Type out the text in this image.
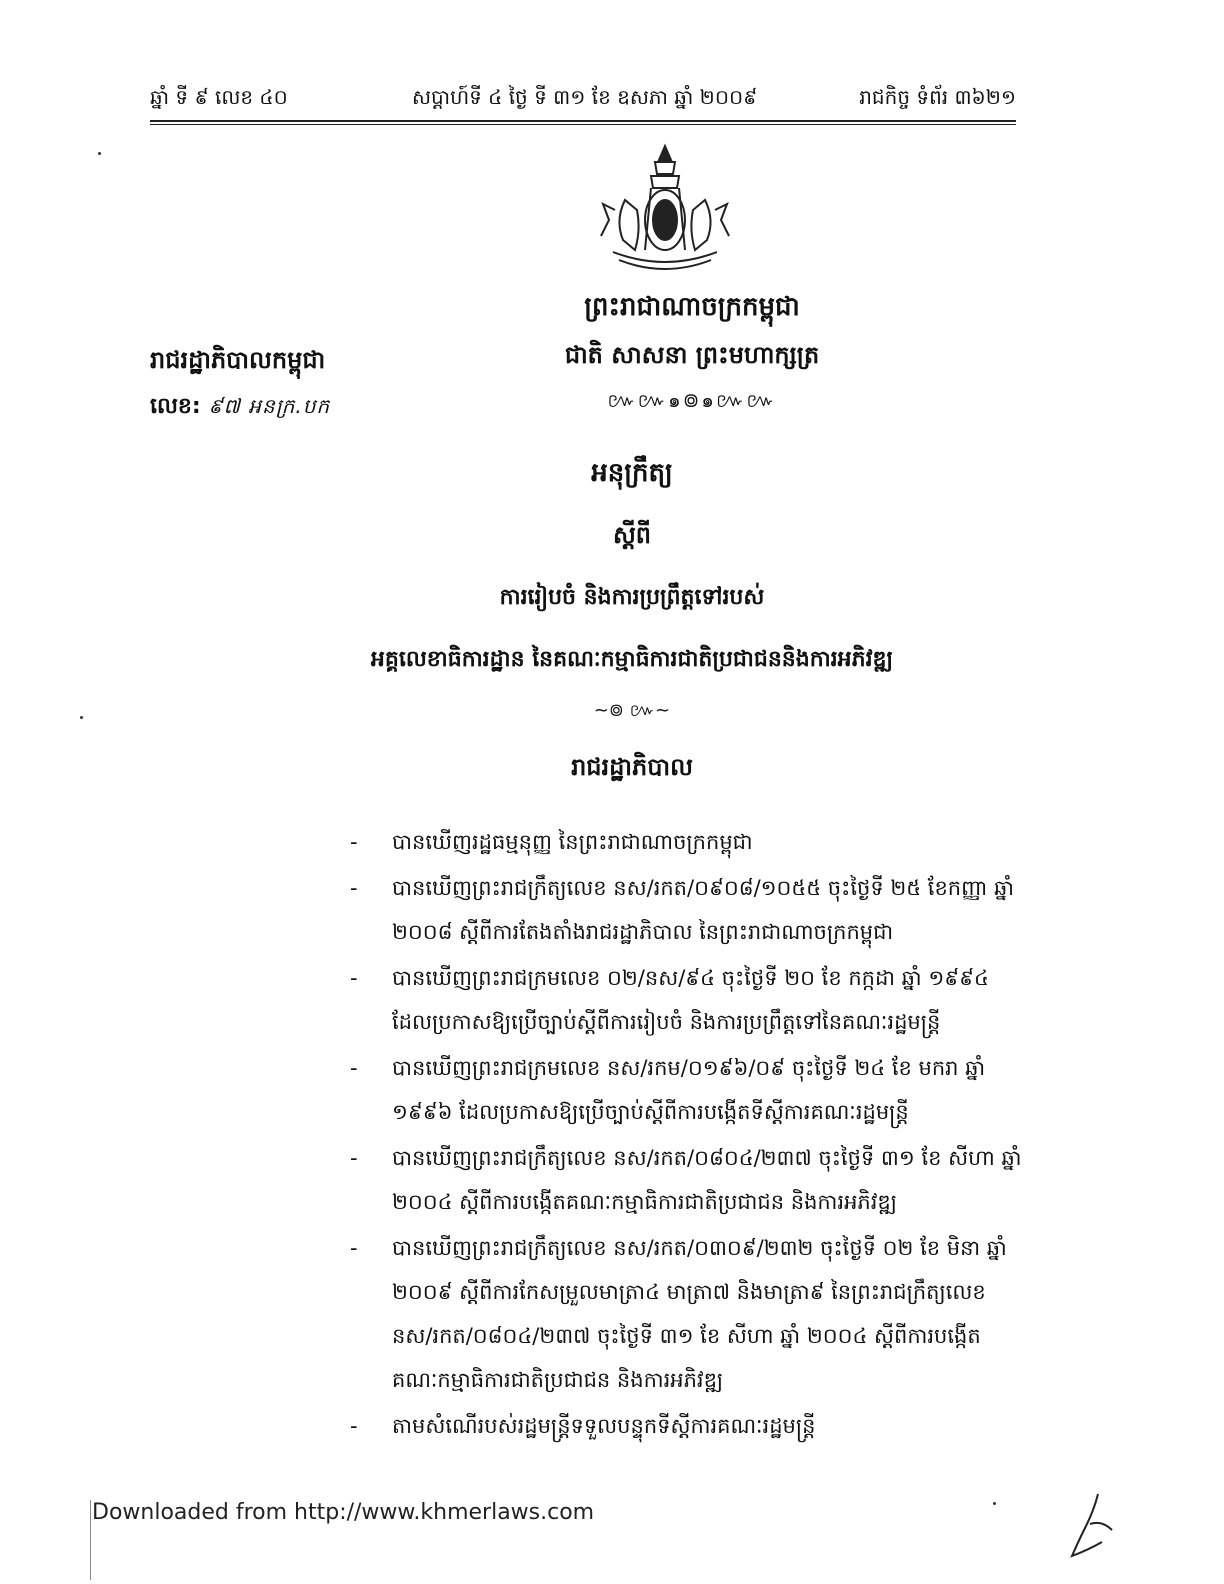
ឆ្នាំ ទី ៩ លេខ ៤០	សប្តាហ៍ទី ៤ ថ្ងៃ ទី ៣១ ខែ ឧសភា ឆ្នាំ ២០០៩	រាជកិច្ច ទំព័រ ៣៦២១
ព្រះរាជាណាចក្រកម្ពុជា
ជាតិ សាសនា ព្រះមហាក្សត្រ
៚៚๑៙๑៚៚
រាជរដ្ឋាភិបាលកម្ពុជា
លេខ: ៩៧ អនក្រ.បក
អនុក្រឹត្យ
ស្តីពី
ការរៀបចំ និងការប្រព្រឹត្តទៅរបស់
អគ្គលេខាធិការដ្ឋាន នៃគណៈកម្មាធិការជាតិប្រជាជននិងការអភិវឌ្ឍ
~៙ ៚~
រាជរដ្ឋាភិបាល
- បានឃើញរដ្ឋធម្មនុញ្ញ នៃព្រះរាជាណាចក្រកម្ពុជា
- បានឃើញព្រះរាជក្រឹត្យលេខ នស/រកត/០៩០៨/១០៥៥ ចុះថ្ងៃទី ២៥ ខែកញ្ញា ឆ្នាំ ២០០៨ ស្តីពីការតែងតាំងរាជរដ្ឋាភិបាល នៃព្រះរាជាណាចក្រកម្ពុជា
- បានឃើញព្រះរាជក្រមលេខ ០២/នស/៩៤ ចុះថ្ងៃទី ២០ ខែ កក្កដា ឆ្នាំ ១៩៩៤ ដែលប្រកាសឱ្យប្រើច្បាប់ស្តីពីការរៀបចំ និងការប្រព្រឹត្តទៅនៃគណៈរដ្ឋមន្ត្រី
- បានឃើញព្រះរាជក្រមលេខ នស/រកម/០១៩៦/០៩ ចុះថ្ងៃទី ២៤ ខែ មករា ឆ្នាំ ១៩៩៦ ដែលប្រកាសឱ្យប្រើច្បាប់ស្តីពីការបង្កើតទីស្តីការគណៈរដ្ឋមន្ត្រី
- បានឃើញព្រះរាជក្រឹត្យលេខ នស/រកត/០៨០៤/២៣៧ ចុះថ្ងៃទី ៣១ ខែ សីហា ឆ្នាំ ២០០៤ ស្តីពីការបង្កើតគណៈកម្មាធិការជាតិប្រជាជន និងការអភិវឌ្ឍ
- បានឃើញព្រះរាជក្រឹត្យលេខ នស/រកត/០៣០៩/២៣២ ចុះថ្ងៃទី ០២ ខែ មិនា ឆ្នាំ ២០០៩ ស្តីពីការកែសម្រួលមាត្រា៤ មាត្រា៧ និងមាត្រា៩ នៃព្រះរាជក្រឹត្យលេខ នស/រកត/០៨០៤/២៣៧ ចុះថ្ងៃទី ៣១ ខែ សីហា ឆ្នាំ ២០០៤ ស្តីពីការបង្កើតគណៈកម្មាធិការជាតិប្រជាជន និងការអភិវឌ្ឍ
- តាមសំណើរបស់រដ្ឋមន្ត្រីទទួលបន្ទុកទីស្តីការគណៈរដ្ឋមន្ត្រី
Downloaded from http://www.khmerlaws.com
